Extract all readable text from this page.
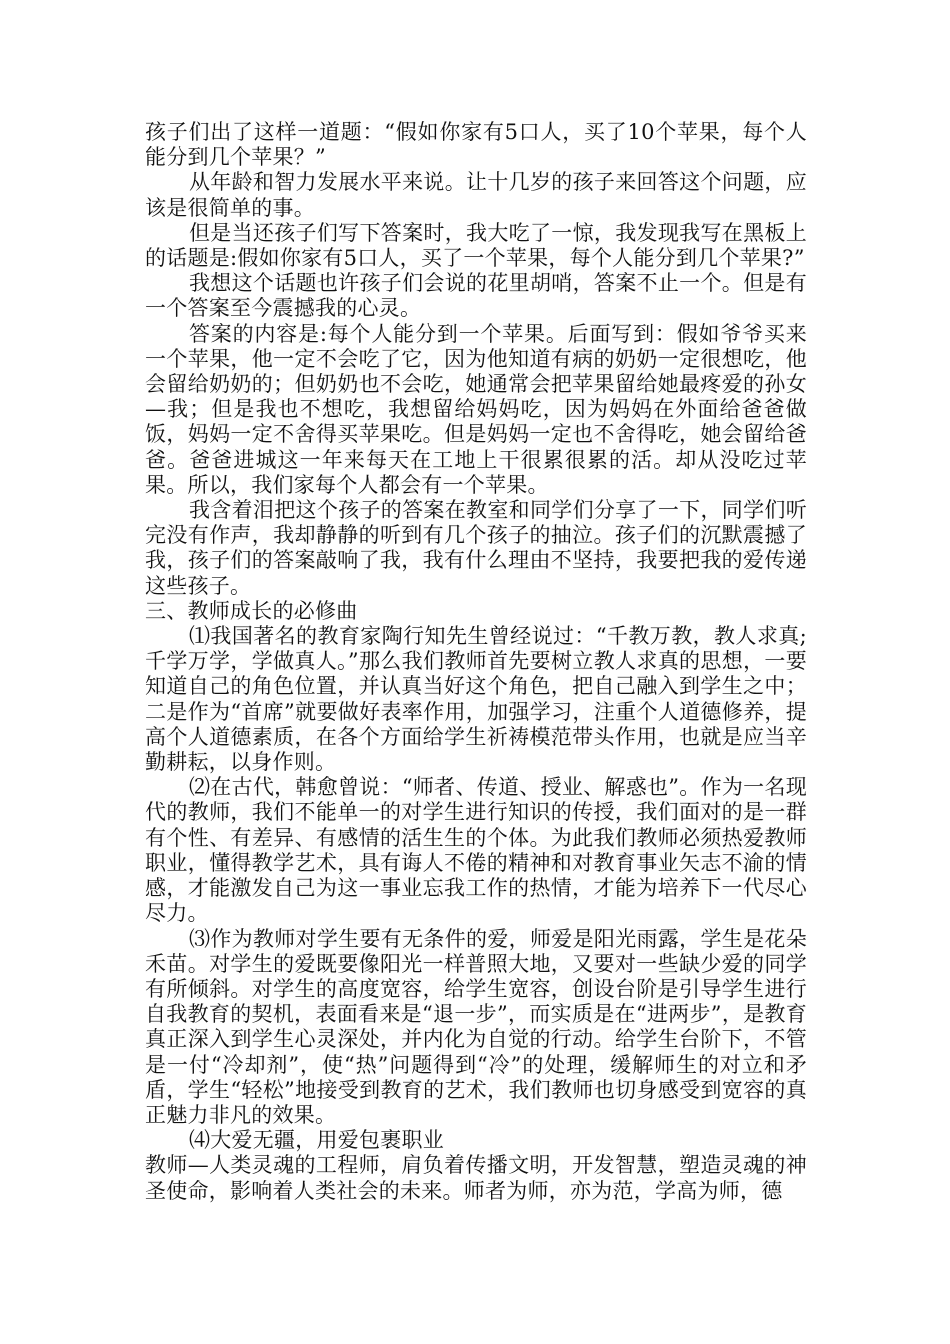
孩子们出了这样一道题：“假如你家有5口人，买了10个苹果，每个人能分到几个苹果？”

从年龄和智力发展水平来说。让十几岁的孩子来回答这个问题，应该是很简单的事。

但是当还孩子们写下答案时，我大吃了一惊，我发现我写在黑板上的话题是:假如你家有5口人，买了一个苹果，每个人能分到几个苹果?”

我想这个话题也许孩子们会说的花里胡哨，答案不止一个。但是有一个答案至今震撼我的心灵。

答案的内容是:每个人能分到一个苹果。后面写到：假如爷爷买来一个苹果，他一定不会吃了它，因为他知道有病的奶奶一定很想吃，他会留给奶奶的；但奶奶也不会吃，她通常会把苹果留给她最疼爱的孙女—我；但是我也不想吃，我想留给妈妈吃，因为妈妈在外面给爸爸做饭，妈妈一定不舍得买苹果吃。但是妈妈一定也不舍得吃，她会留给爸爸。爸爸进城这一年来每天在工地上干很累很累的活。却从没吃过苹果。所以，我们家每个人都会有一个苹果。

我含着泪把这个孩子的答案在教室和同学们分享了一下，同学们听完没有作声，我却静静的听到有几个孩子的抽泣。孩子们的沉默震撼了我，孩子们的答案敲响了我，我有什么理由不坚持，我要把我的爱传递这些孩子。

三、教师成长的必修曲

⑴我国著名的教育家陶行知先生曾经说过：“千教万教，教人求真;千学万学，学做真人。”那么我们教师首先要树立教人求真的思想，一要知道自己的角色位置，并认真当好这个角色，把自己融入到学生之中；二是作为“首席”就要做好表率作用，加强学习，注重个人道德修养，提高个人道德素质，在各个方面给学生祈祷模范带头作用，也就是应当辛勤耕耘，以身作则。

⑵在古代，韩愈曾说：“师者、传道、授业、解惑也”。作为一名现代的教师，我们不能单一的对学生进行知识的传授，我们面对的是一群有个性、有差异、有感情的活生生的个体。为此我们教师必须热爱教师职业，懂得教学艺术，具有诲人不倦的精神和对教育事业矢志不渝的情感，才能激发自己为这一事业忘我工作的热情，才能为培养下一代尽心尽力。

⑶作为教师对学生要有无条件的爱，师爱是阳光雨露，学生是花朵禾苗。对学生的爱既要像阳光一样普照大地，又要对一些缺少爱的同学有所倾斜。对学生的高度宽容，给学生宽容，创设台阶是引导学生进行自我教育的契机，表面看来是“退一步”，而实质是在“进两步”，是教育真正深入到学生心灵深处，并内化为自觉的行动。给学生台阶下，不管是一付“冷却剂”，使“热”问题得到“冷”的处理，缓解师生的对立和矛盾，学生“轻松”地接受到教育的艺术，我们教师也切身感受到宽容的真正魅力非凡的效果。

⑷大爱无疆，用爱包裹职业

教师—人类灵魂的工程师，肩负着传播文明，开发智慧，塑造灵魂的神圣使命，影响着人类社会的未来。师者为师，亦为范，学高为师，德
